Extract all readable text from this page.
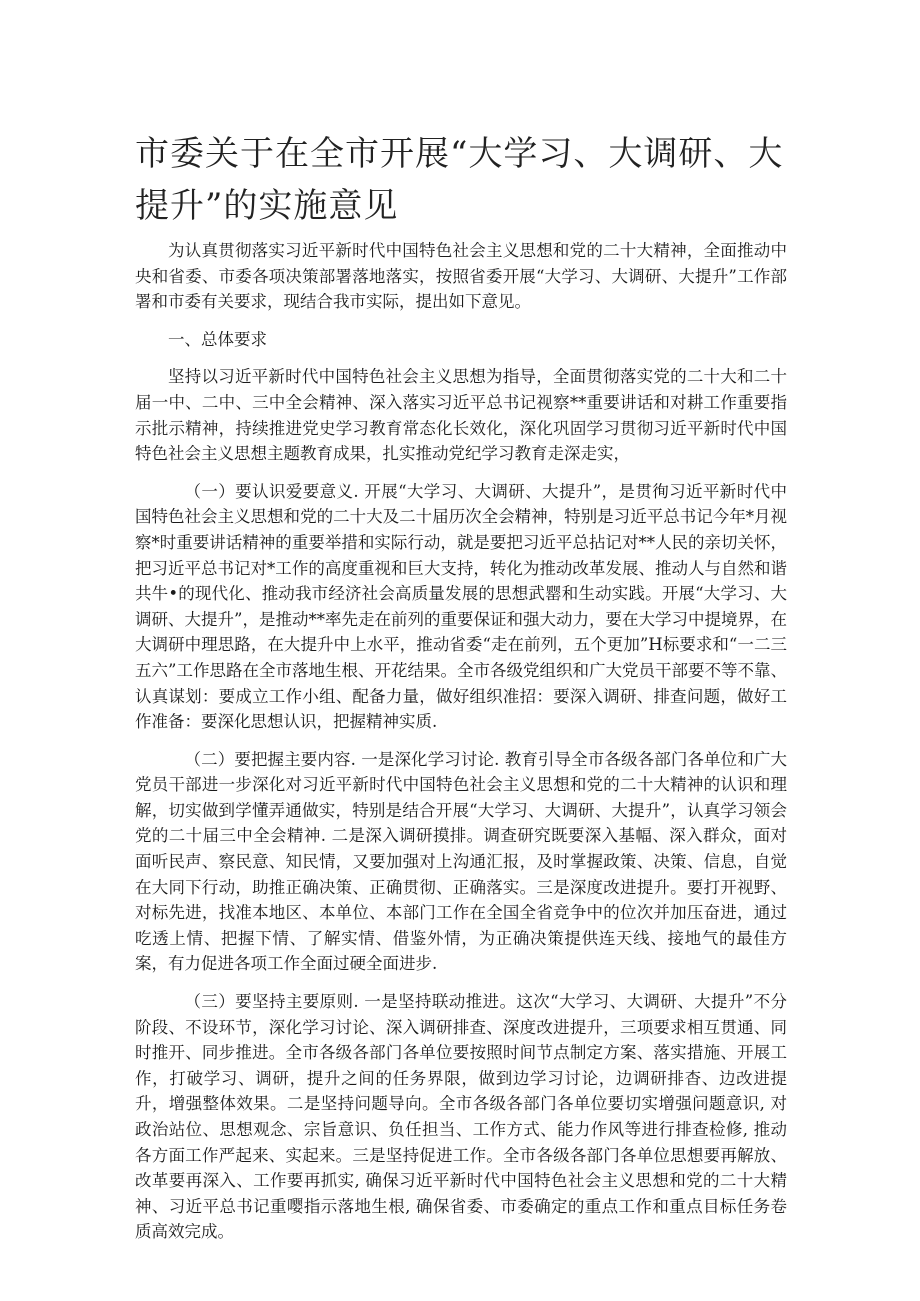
市委关于在全市开展“大学习、大调研、大提升”的实施意见

为认真贯彻落实习近平新时代中国特色社会主义思想和党的二十大精神，全面推动中央和省委、市委各项决策部署落地落实，按照省委开展“大学习、大调研、大提升”工作部署和市委有关要求，现结合我市实际，提出如下意见。

一、总体要求

坚持以习近平新时代中国特色社会主义思想为指导，全面贯彻落实党的二十大和二十届一中、二中、三中全会精神、深入落实习近平总书记视察**重要讲话和对耕工作重要指示批示精神，持续推进党史学习教育常态化长效化，深化巩固学习贯彻习近平新时代中国特色社会主义思想主题教育成果，扎实推动党纪学习教育走深走实，

（一）要认识爱要意义. 开展“大学习、大调研、大提升”，是贯徇习近平新时代中国特色社会主义思想和党的二十大及二十届历次全会精神，特别是习近平总书记今年*月视察*时重要讲话精神的重要举措和实际行动，就是要把习近平总拈记对**人民的亲切关怀，把习近平总书记对*工作的高度重视和巨大支持，转化为推动改革发展、推动人与自然和谐共牛•的现代化、推动我市经济社会高质量发展的思想武罂和生动实践。开展“大学习、大调研、大提升”，是推动**率先走在前列的重要保证和强大动力，要在大学习中提境界，在大调研中理思路，在大提升中上水平，推动省委“走在前列，五个更加”H标要求和“一二三五六”工作思路在全市落地生根、开花结果。全市各级党组织和广大党员干部要不等不靠、认真谋划：要成立工作小组、配备力量，做好组织准招：要深入调研、排查问题，做好工作准备：要深化思想认识，把握精神实质.

（二）要把握主要内容. 一是深化学习讨论. 教育引导全市各级各部门各单位和广大党员干部进一步深化对习近平新时代中国特色社会主义思想和党的二十大精神的认识和理解，切实做到学懂弄通做实，特别是结合开展“大学习、大调研、大提升”，认真学习领会党的二十届三中全会精神. 二是深入调研摸排。调查研究既要深入基幅、深入群众，面对面听民声、察民意、知民情，又要加强对上沟通汇报，及时掌握政策、决策、信息，自觉在大同下行动，助推正确决策、正确贯彻、正确落实。三是深度改进提升。要打开视野、对标先进，找准本地区、本单位、本部门工作在全国全省竞争中的位次并加压奋进，通过吃透上情、把握下情、了解实情、借鉴外情，为正确决策提供连天线、接地气的最佳方案，有力促进各项工作全面过硬全面进步.

（三）要坚持主要原则. 一是坚持联动推进。这次“大学习、大调研、大提升”不分阶段、不设环节，深化学习讨论、深入调研排查、深度改进提升，三项要求相互贯通、同时推开、同步推进。全市各级各部门各单位要按照时间节点制定方案、落实措施、开展工作，打破学习、调研，提升之间的任务界限，做到边学习讨论，边调研排杳、边改进提升，增强整体效果。二是坚持问题导向。全市各级各部门各单位要切实增强问题意识, 对政治站位、思想观念、宗旨意识、负任担当、工作方式、能力作风等进行排查检修, 推动各方面工作严起来、实起来。三是坚持促进工作。全市各级各部门各单位思想要再解放、改革要再深入、工作要再抓实, 确保习近平新时代中国特色社会主义思想和党的二十大精神、习近平总书记重嘤指示落地生根, 确保省委、市委确定的重点工作和重点目标任务卷质高效完成。
